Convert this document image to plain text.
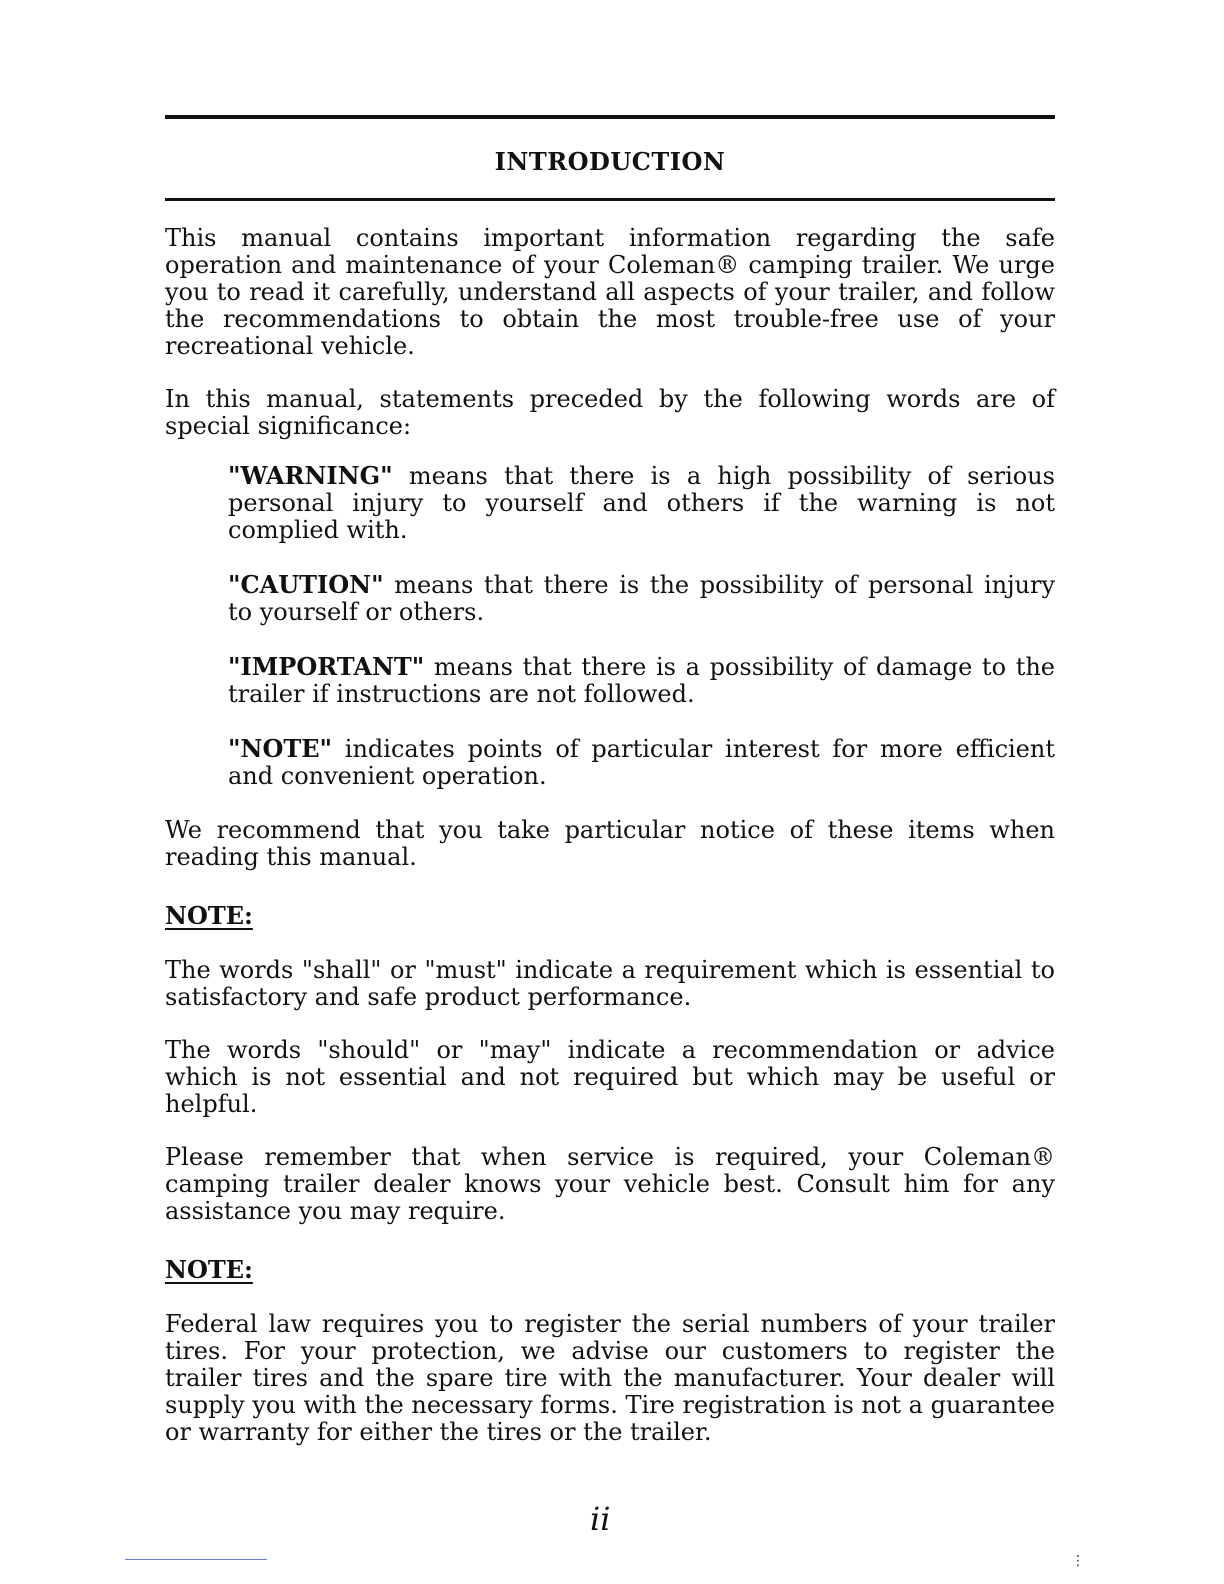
INTRODUCTION

This manual contains important information regarding the safe operation and maintenance of your Coleman® camping trailer. We urge you to read it carefully, understand all aspects of your trailer, and follow the recommendations to obtain the most trouble-free use of your recreational vehicle.

In this manual, statements preceded by the following words are of special significance:

"WARNING" means that there is a high possibility of serious personal injury to yourself and others if the warning is not complied with.

"CAUTION" means that there is the possibility of personal injury to yourself or others.

"IMPORTANT" means that there is a possibility of damage to the trailer if instructions are not followed.

"NOTE" indicates points of particular interest for more efficient and convenient operation.

We recommend that you take particular notice of these items when reading this manual.

NOTE:

The words "shall" or "must" indicate a requirement which is essential to satisfactory and safe product performance.

The words "should" or "may" indicate a recommendation or advice which is not essential and not required but which may be useful or helpful.

Please remember that when service is required, your Coleman® camping trailer dealer knows your vehicle best. Consult him for any assistance you may require.

NOTE:

Federal law requires you to register the serial numbers of your trailer tires. For your protection, we advise our customers to register the trailer tires and the spare tire with the manufacturer. Your dealer will supply you with the necessary forms. Tire registration is not a guarantee or warranty for either the tires or the trailer.

ii
⋮
